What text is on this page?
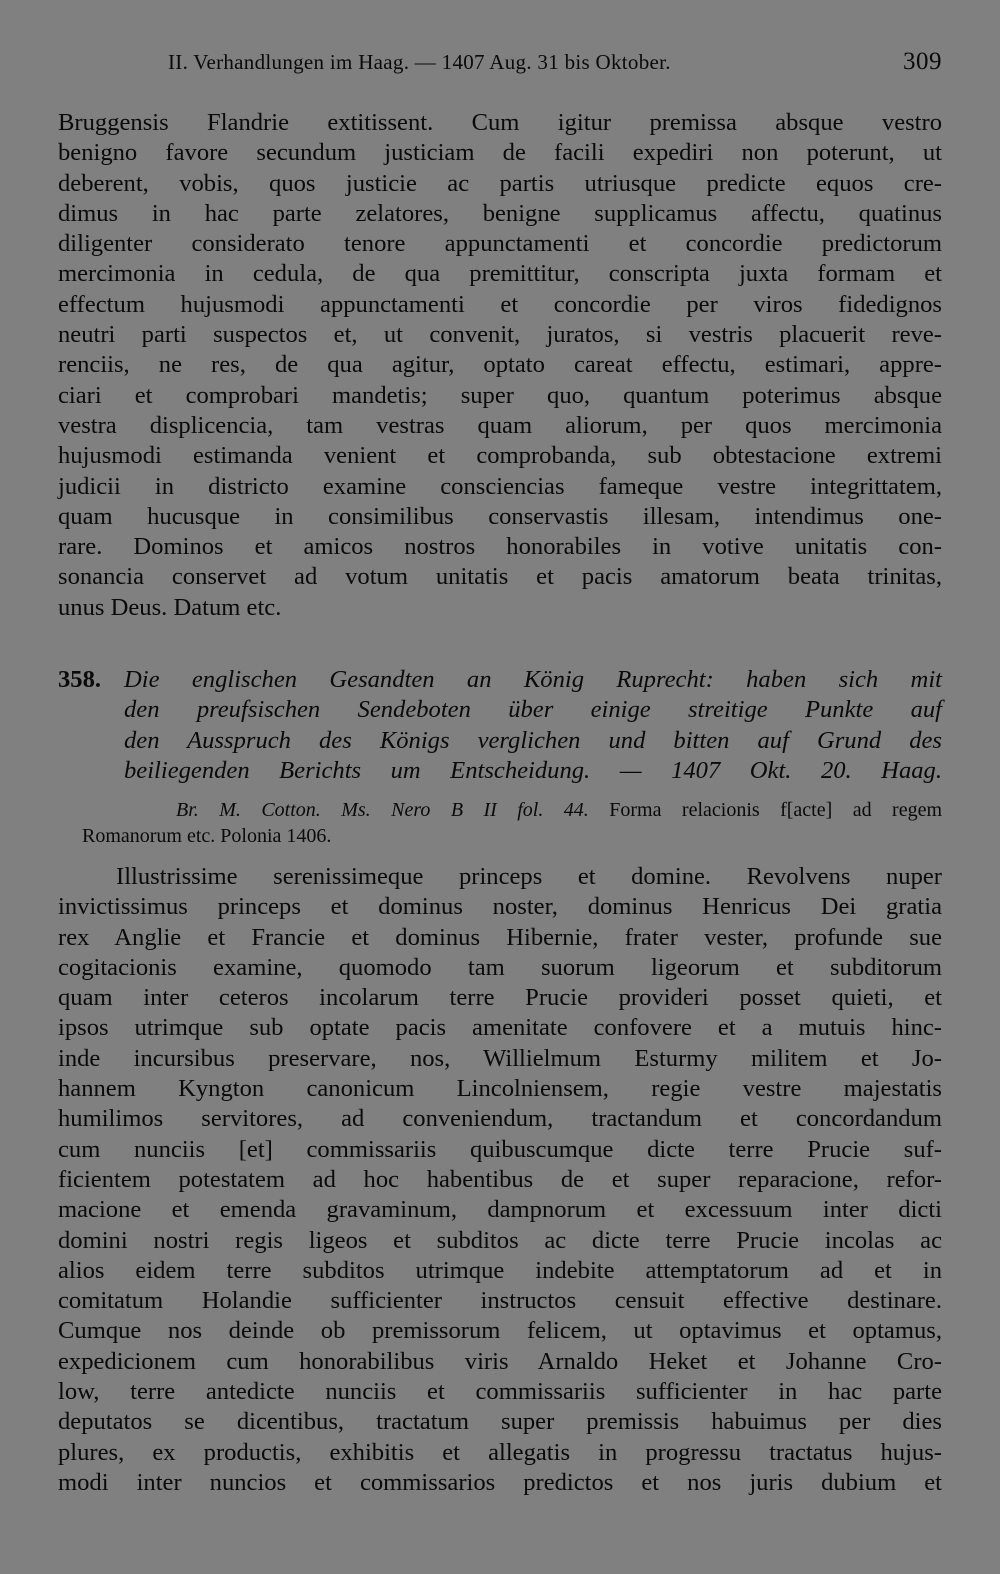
II. Verhandlungen im Haag. — 1407 Aug. 31 bis Oktober.	309
Bruggensis Flandrie extitissent. Cum igitur premissa absque vestro
benigno favore secundum justiciam de facili expediri non poterunt, ut
deberent, vobis, quos justicie ac partis utriusque predicte equos cre-
dimus in hac parte zelatores, benigne supplicamus affectu, quatinus
diligenter considerato tenore appunctamenti et concordie predictorum
mercimonia in cedula, de qua premittitur, conscripta juxta formam et
effectum hujusmodi appunctamenti et concordie per viros fidedignos
neutri parti suspectos et, ut convenit, juratos, si vestris placuerit reve-
renciis, ne res, de qua agitur, optato careat effectu, estimari, appre-
ciari et comprobari mandetis; super quo, quantum poterimus absque
vestra displicencia, tam vestras quam aliorum, per quos mercimonia
hujusmodi estimanda venient et comprobanda, sub obtestacione extremi
judicii in districto examine consciencias fameque vestre integrittatem,
quam hucusque in consimilibus conservastis illesam, intendimus one-
rare. Dominos et amicos nostros honorabiles in votive unitatis con-
sonancia conservet ad votum unitatis et pacis amatorum beata trinitas,
unus Deus. Datum etc.
358. Die englischen Gesandten an König Ruprecht: haben sich mit
den preufsischen Sendeboten über einige streitige Punkte auf
den Ausspruch des Königs verglichen und bitten auf Grund des
beiliegenden Berichts um Entscheidung. — 1407 Okt. 20. Haag.
Br. M. Cotton. Ms. Nero B II fol. 44. Forma relacionis f[acte] ad regem
Romanorum etc. Polonia 1406.
Illustrissime serenissimeque princeps et domine. Revolvens nuper
invictissimus princeps et dominus noster, dominus Henricus Dei gratia
rex Anglie et Francie et dominus Hibernie, frater vester, profunde sue
cogitacionis examine, quomodo tam suorum ligeorum et subditorum
quam inter ceteros incolarum terre Prucie provideri posset quieti, et
ipsos utrimque sub optate pacis amenitate confovere et a mutuis hinc-
inde incursibus preservare, nos, Willielmum Esturmy militem et Jo-
hannem Kyngton canonicum Lincolniensem, regie vestre majestatis
humilimos servitores, ad conveniendum, tractandum et concordandum
cum nunciis [et] commissariis quibuscumque dicte terre Prucie suf-
ficientem potestatem ad hoc habentibus de et super reparacione, refor-
macione et emenda gravaminum, dampnorum et excessuum inter dicti
domini nostri regis ligeos et subditos ac dicte terre Prucie incolas ac
alios eidem terre subditos utrimque indebite attemptatorum ad et in
comitatum Holandie sufficienter instructos censuit effective destinare.
Cumque nos deinde ob premissorum felicem, ut optavimus et optamus,
expedicionem cum honorabilibus viris Arnaldo Heket et Johanne Cro-
low, terre antedicte nunciis et commissariis sufficienter in hac parte
deputatos se dicentibus, tractatum super premissis habuimus per dies
plures, ex productis, exhibitis et allegatis in progressu tractatus hujus-
modi inter nuncios et commissarios predictos et nos juris dubium et
